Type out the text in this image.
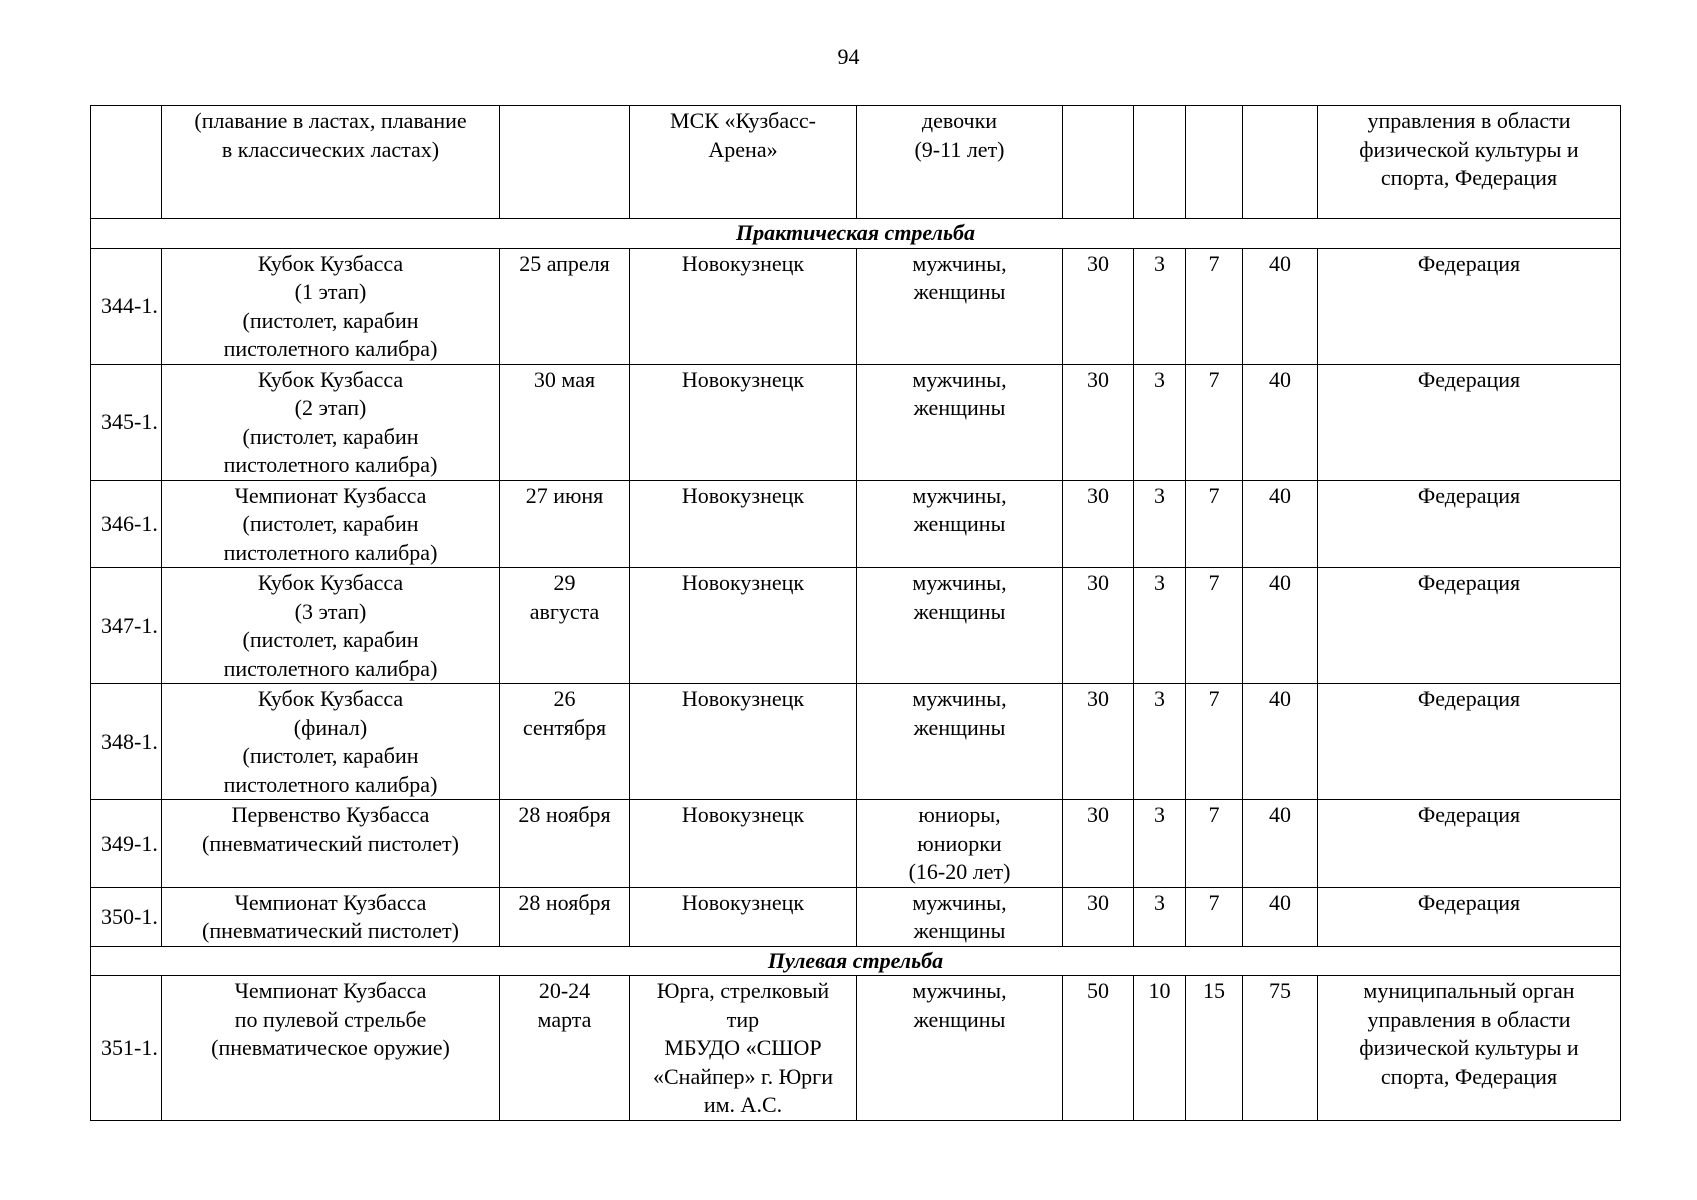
94
	(плавание в ластах, плавание
в классических ластах)		МСК «Кузбасс-
Арена»	девочки
(9-11 лет)					управления в области
физической культуры и
спорта, Федерация
Практическая стрельба									
344-1.	Кубок Кузбасса
(1 этап)
(пистолет, карабин
пистолетного калибра)	25 апреля	Новокузнецк	мужчины,
женщины	30	3	7	40	Федерация
345-1.	Кубок Кузбасса
(2 этап)
(пистолет, карабин
пистолетного калибра)	30 мая	Новокузнецк	мужчины,
женщины	30	3	7	40	Федерация
346-1.	Чемпионат Кузбасса
(пистолет, карабин
пистолетного калибра)	27 июня	Новокузнецк	мужчины,
женщины	30	3	7	40	Федерация
347-1.	Кубок Кузбасса
(3 этап)
(пистолет, карабин
пистолетного калибра)	29
августа	Новокузнецк	мужчины,
женщины	30	3	7	40	Федерация
348-1.	Кубок Кузбасса
(финал)
(пистолет, карабин
пистолетного калибра)	26
сентября	Новокузнецк	мужчины,
женщины	30	3	7	40	Федерация
349-1.	Первенство Кузбасса
(пневматический пистолет)	28 ноября	Новокузнецк	юниоры,
юниорки
(16-20 лет)	30	3	7	40	Федерация
350-1.	Чемпионат Кузбасса
(пневматический пистолет)	28 ноября	Новокузнецк	мужчины,
женщины	30	3	7	40	Федерация
Пулевая стрельба									
351-1.	Чемпионат Кузбасса
по пулевой стрельбе
(пневматическое оружие)	20-24
марта	Юрга, стрелковый
тир
МБУДО «СШОР
«Снайпер» г. Юрги
им. А.С.	мужчины,
женщины	50	10	15	75	муниципальный орган
управления в области
физической культуры и
спорта, Федерация
